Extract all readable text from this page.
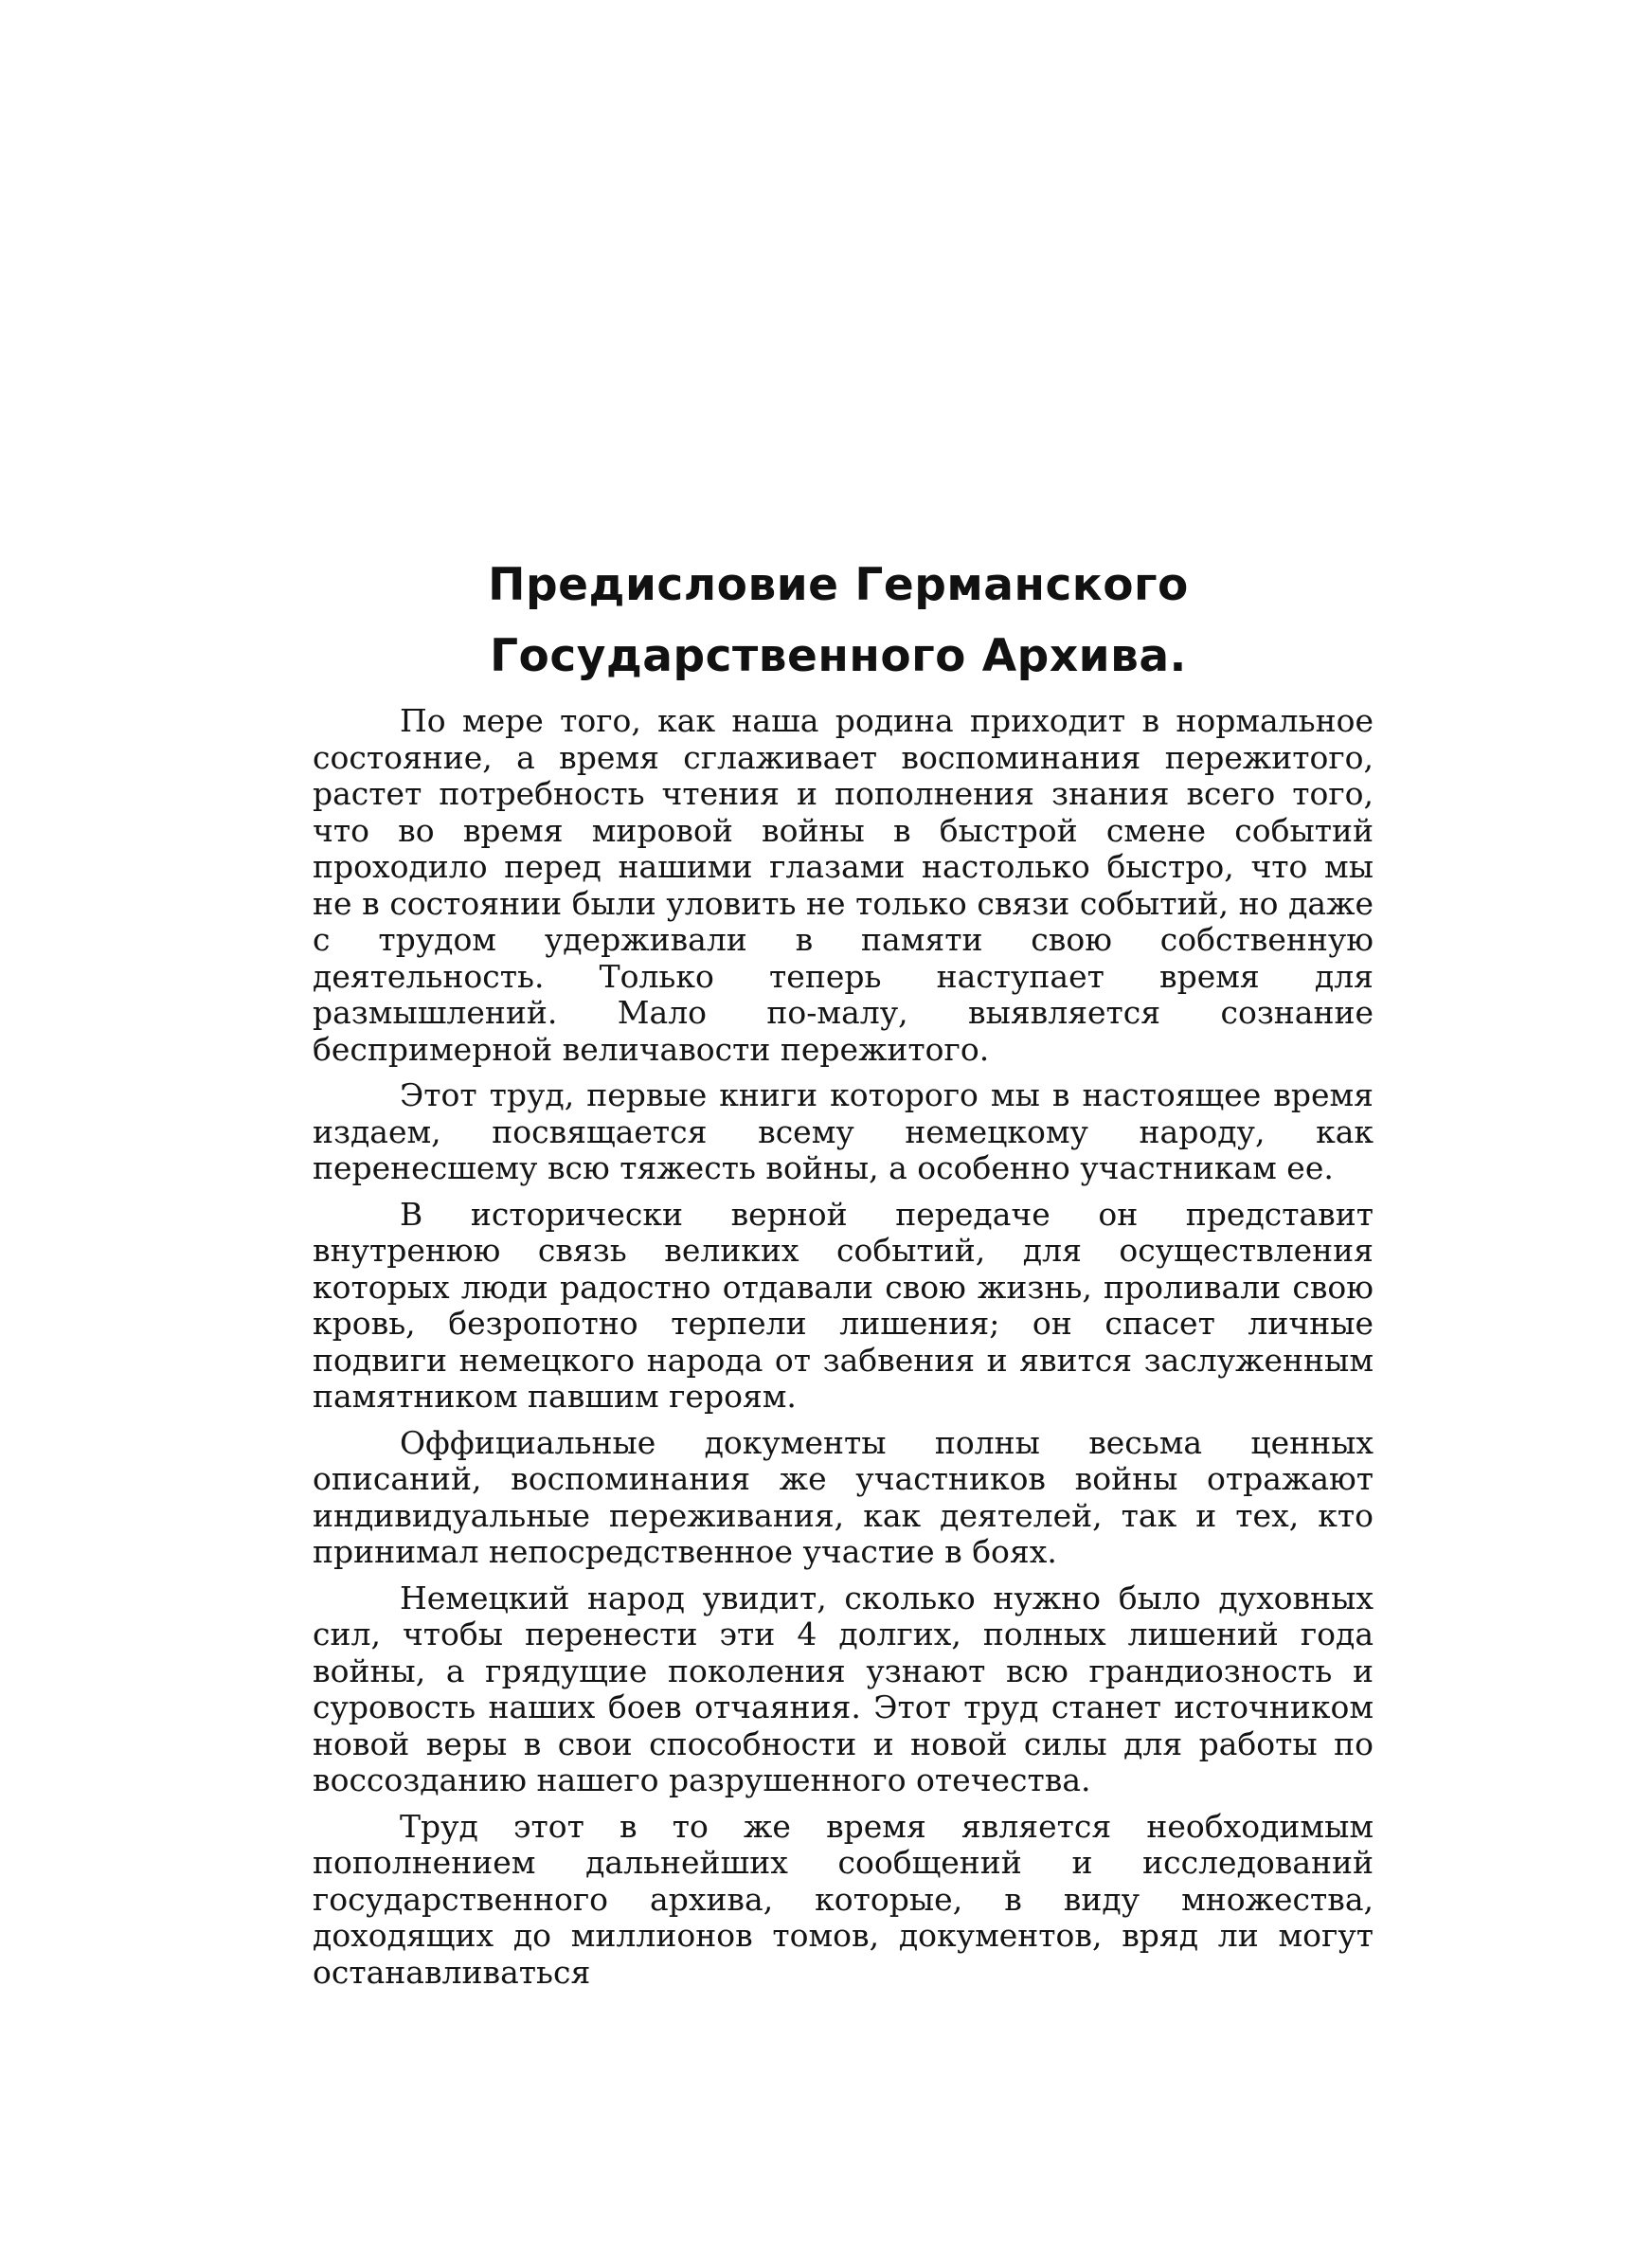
Предисловие Германского Государственного Архива.

По мере того, как наша родина приходит в нормальное состояние, а время сглаживает воспоминания пережитого, растет потребность чтения и пополнения знания всего того, что во время мировой войны в быстрой смене событий проходило перед нашими глазами настолько быстро, что мы не в состоянии были уловить не только связи событий, но даже с трудом удерживали в памяти свою собственную деятельность. Только теперь наступает время для размышлений. Мало по-малу, выявляется сознание беспримерной величавости пережитого.

Этот труд, первые книги которого мы в настоящее время издаем, посвящается всему немецкому народу, как перенесшему всю тяжесть войны, а особенно участникам ее.

В исторически верной передаче он представит внутренюю связь великих событий, для осуществления которых люди радостно отдавали свою жизнь, проливали свою кровь, безропотно терпели лишения; он спасет личные подвиги немецкого народа от забвения и явится заслуженным памятником павшим героям.

Оффициальные документы полны весьма ценных описаний, воспоминания же участников войны отражают индивидуальные переживания, как деятелей, так и тех, кто принимал непосредственное участие в боях.

Немецкий народ увидит, сколько нужно было духовных сил, чтобы перенести эти 4 долгих, полных лишений года войны, а грядущие поколения узнают всю грандиозность и суровость наших боев отчаяния. Этот труд станет источником новой веры в свои способности и новой силы для работы по воссозданию нашего разрушенного отечества.

Труд этот в то же время является необходимым пополнением дальнейших сообщений и исследований государственного архива, которые, в виду множества, доходящих до миллионов томов, документов, вряд ли могут останавливаться
